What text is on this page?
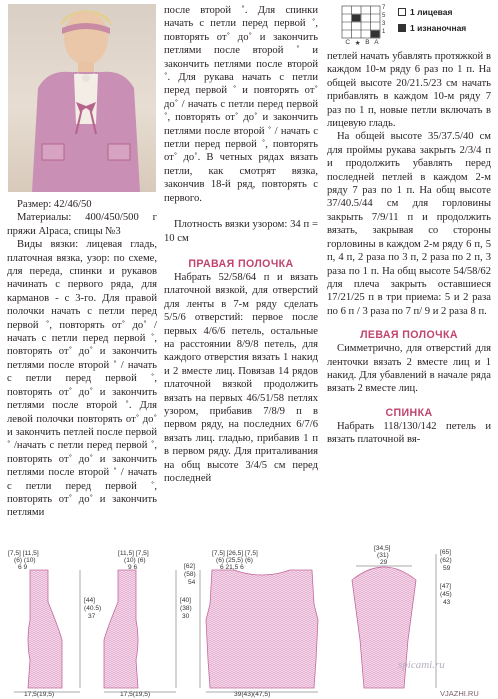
Размер: 42/46/50

Материалы: 400/450/500 г пряжи Alpaca, спицы №3

Виды вязки: лицевая гладь, платочная вязка, узор: по схеме, для переда, спинки и рукавов начинать с первого ряда, для карманов - с 3-го. Для правой полочки начать с петли перед первой ˚, повторять от˚ до˚ / начать с петли перед первой ˚, повторять от˚ до˚ и закончить петлями после второй ˚ / начать с петли перед первой ˚, повторять от˚ до˚ и закончить петлями после второй ˚. Для левой полочки повторять от˚ до˚ и закончить петлей после первой ˚ /начать с петли перед первой ˚, повторять от˚ до˚ и закончить петлями после второй ˚ / начать с петли перед первой ˚, повторять от˚ до˚ и закончить петлями

после второй ˚. Для спинки начать с петли перед первой ˚, повторять от˚ до˚ и закончить петлями после второй ˚ и закончить петлями после второй ˚. Для рукава начать с петли перед первой ˚ и повторять от˚ до˚ / начать с петли перед первой ˚, повторять от˚ до˚ и закончить петлями после второй ˚ / начать с петли перед первой ˚, повторять от˚ до˚. В четных рядах вязать петли, как смотрят вязка, закончив 18-й ряд, повторять с первого.

Плотность вязки узором: 34 п = 10 см

ПРАВАЯ ПОЛОЧКА

Набрать 52/58/64 п и вязать платочной вязкой, для отверстий для ленты в 7-м ряду сделать 5/5/6 отверстий: первое после первых 4/6/6 петель, остальные на расстоянии 8/9/8 петель, для каждого отверстия вязать 1 накид и 2 вместе лиц. Повязав 14 рядов платочной вязкой продолжить вязать на первых 46/51/58 петлях узором, прибавив 7/8/9 п в первом ряду, на последних 6/7/6 вязать лиц. гладью, прибавив 1 п в первом ряду. Для приталивания на общ высоте 3/4/5 см перед последней

7
5
3
1
C ★ B A
1 лицевая
1 изнаночная

петлей начать убавлять протяжкой в каждом 10-м ряду 6 раз по 1 п. На общей высоте 20/21.5/23 см начать прибавлять в каждом 10-м ряду 7 раз по 1 п, новые петли включать в лицевую гладь.

На общей высоте 35/37.5/40 см для проймы рукава закрыть 2/3/4 п и продолжить убавлять перед последней петлей в каждом 2-м ряду 7 раз по 1 п. На общ высоте 37/40.5/44 см для горловины закрыть 7/9/11 п и продолжить вязать, закрывая со стороны горловины в каждом 2-м ряду 6 п, 5 п, 4 п, 2 раза по 3 п, 2 раза по 2 п, 3 раза по 1 п. На общ высоте 54/58/62 для плеча закрыть оставшиеся 17/21/25 п в три приема: 5 и 2 раза по 6 п / 3 раза по 7 п/ 9 и 2 раза 8 п.

ЛЕВАЯ ПОЛОЧКА

Симметрично, для отверстий для ленточки вязать 2 вместе лиц и 1 накид. Для убавлений в начале ряда вязать 2 вместе лиц.

СПИНКА

Набрать 118/130/142 петель и вязать платочной вя-

[7,5] [11,5]
(6) (10)
6 9
[44]
(40.5)
37
17,5(19,5)
[11,5] [7,5]
(10) (6)
9 6
[40]
(38)
30
17,5(19,5)
[7,5] [26,5] [7,5]
(6) (25,5) (6)
6 21,5 6
[62]
(58)
54
39(43)(47,5)
[34,5]
(31)
29
[65]
(62)
59
[47]
(45)
43
spicami.ru
VJAZHI.RU
